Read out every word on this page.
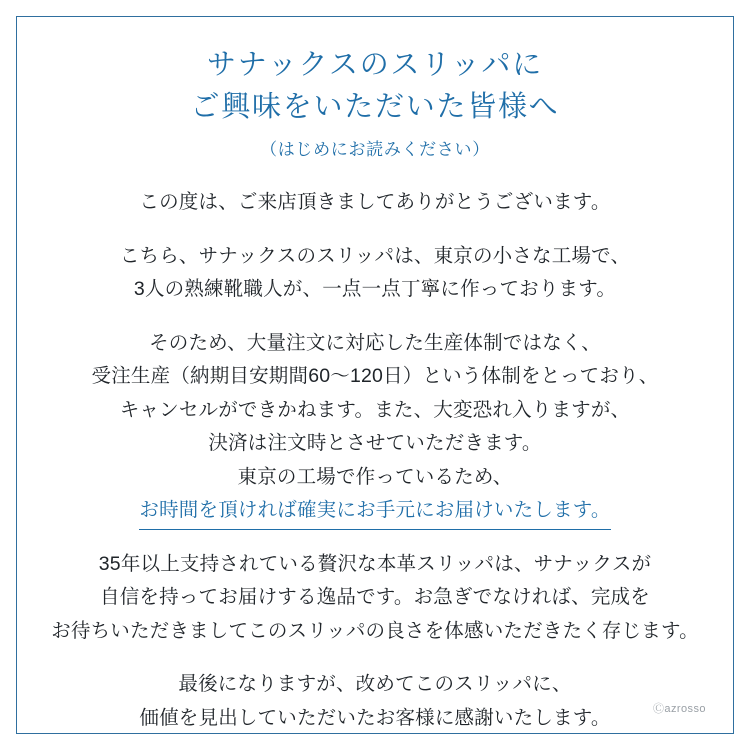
サナックスのスリッパに
ご興味をいただいた皆様へ
（はじめにお読みください）
この度は、ご来店頂きましてありがとうございます。
こちら、サナックスのスリッパは、東京の小さな工場で、
3人の熟練靴職人が、一点一点丁寧に作っております。
そのため、大量注文に対応した生産体制ではなく、
受注生産（納期目安期間60〜120日）という体制をとっており、
キャンセルができかねます。また、大変恐れ入りますが、
決済は注文時とさせていただきます。
東京の工場で作っているため、
お時間を頂ければ確実にお手元にお届けいたします。
35年以上支持されている贅沢な本革スリッパは、サナックスが
自信を持ってお届けする逸品です。お急ぎでなければ、完成を
お待ちいただきましてこのスリッパの良さを体感いただきたく存じます。
最後になりますが、改めてこのスリッパに、
価値を見出していただいたお客様に感謝いたします。	Ⓒazrosso
